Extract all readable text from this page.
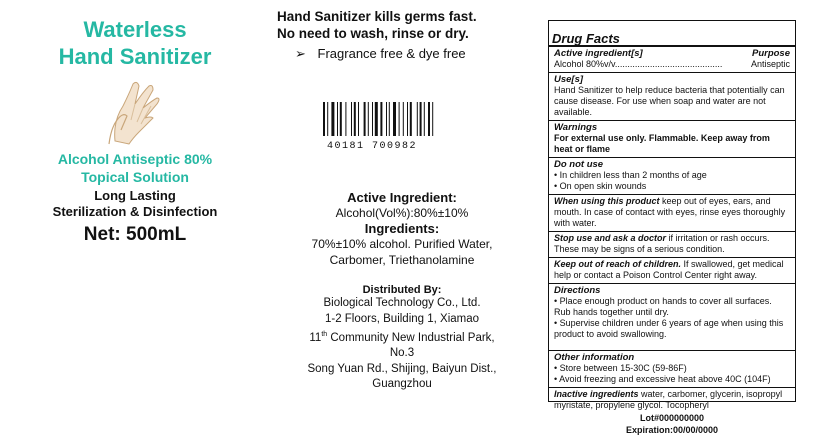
Waterless
Hand Sanitizer
Alcohol Antiseptic 80%
Topical Solution
Long Lasting
Sterilization & Disinfection
Net: 500mL
Hand Sanitizer kills germs fast.
No need to wash, rinse or dry.
➢ Fragrance free & dye free
40181 700982
Active Ingredient:
Alcohol(Vol%):80%±10%
Ingredients:
70%±10% alcohol. Purified Water,
Carbomer, Triethanolamine
Distributed By:
Biological Technology Co., Ltd.
1-2 Floors, Building 1, Xiamao
11th Community New Industrial Park,
No.3
Song Yuan Rd., Shijing, Baiyun Dist.,
Guangzhou
Drug Facts
Active ingredient[s]	Purpose
Alcohol 80%v/v...........................................	Antiseptic
Use[s]
Hand Sanitizer to help reduce bacteria that potentially can cause disease. For use when soap and water are not available.
Warnings
For external use only. Flammable. Keep away from heat or flame
Do not use
• In children less than 2 months of age
• On open skin wounds
When using this product keep out of eyes, ears, and mouth. In case of contact with eyes, rinse eyes thoroughly with water.
Stop use and ask a doctor if irritation or rash occurs. These may be signs of a serious condition.
Keep out of reach of children. If swallowed, get medical help or contact a Poison Control Center right away.
Directions
• Place enough product on hands to cover all surfaces. Rub hands together until dry.
• Supervise children under 6 years of age when using this product to avoid swallowing.
Other information
• Store between 15-30C (59-86F)
• Avoid freezing and excessive heat above 40C (104F)
Inactive ingredients water, carbomer, glycerin, isopropyl myristate, propylene glycol. Tocopheryl
Lot#000000000
Expiration:00/00/0000
